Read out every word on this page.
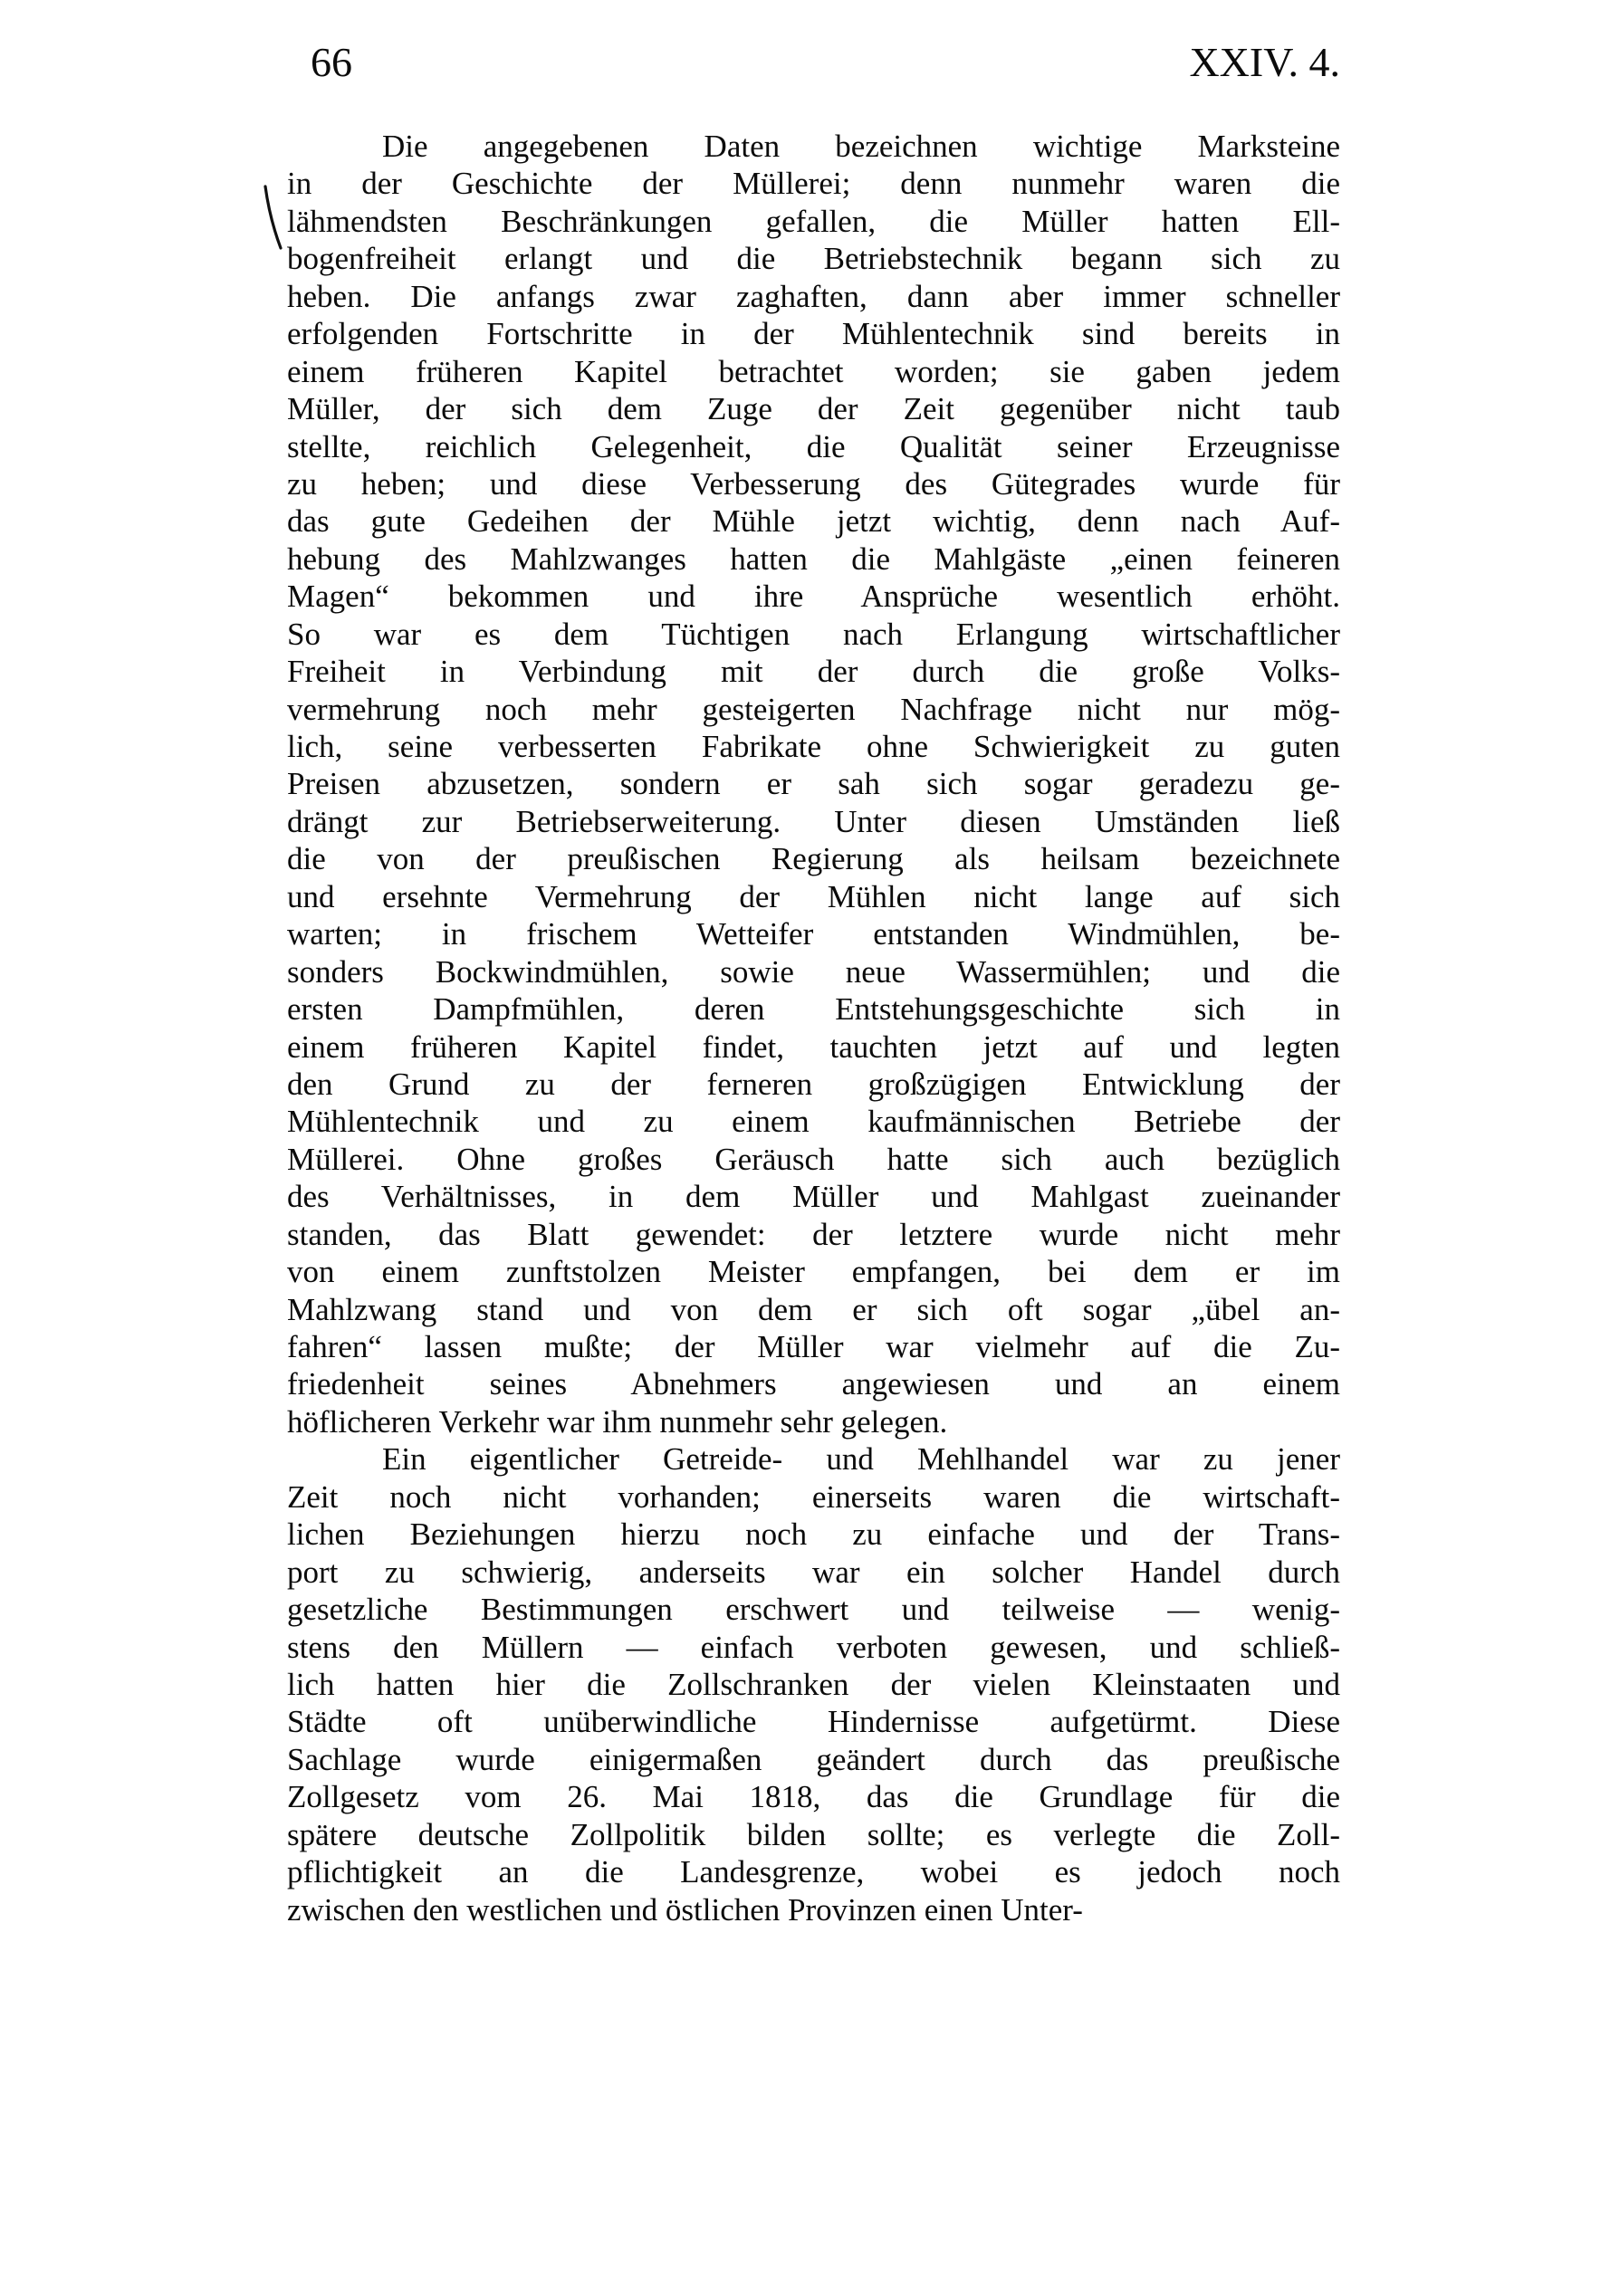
66	XXIV. 4.
Die angegebenen Daten bezeichnen wichtige Marksteine
in der Geschichte der Müllerei; denn nunmehr waren die
lähmendsten Beschränkungen gefallen, die Müller hatten Ell-
bogenfreiheit erlangt und die Betriebstechnik begann sich zu
heben. Die anfangs zwar zaghaften, dann aber immer schneller
erfolgenden Fortschritte in der Mühlentechnik sind bereits in
einem früheren Kapitel betrachtet worden; sie gaben jedem
Müller, der sich dem Zuge der Zeit gegenüber nicht taub
stellte, reichlich Gelegenheit, die Qualität seiner Erzeugnisse
zu heben; und diese Verbesserung des Gütegrades wurde für
das gute Gedeihen der Mühle jetzt wichtig, denn nach Auf-
hebung des Mahlzwanges hatten die Mahlgäste „einen feineren
Magen“ bekommen und ihre Ansprüche wesentlich erhöht.
So war es dem Tüchtigen nach Erlangung wirtschaftlicher
Freiheit in Verbindung mit der durch die große Volks-
vermehrung noch mehr gesteigerten Nachfrage nicht nur mög-
lich, seine verbesserten Fabrikate ohne Schwierigkeit zu guten
Preisen abzusetzen, sondern er sah sich sogar geradezu ge-
drängt zur Betriebserweiterung. Unter diesen Umständen ließ
die von der preußischen Regierung als heilsam bezeichnete
und ersehnte Vermehrung der Mühlen nicht lange auf sich
warten; in frischem Wetteifer entstanden Windmühlen, be-
sonders Bockwindmühlen, sowie neue Wassermühlen; und die
ersten Dampfmühlen, deren Entstehungsgeschichte sich in
einem früheren Kapitel findet, tauchten jetzt auf und legten
den Grund zu der ferneren großzügigen Entwicklung der
Mühlentechnik und zu einem kaufmännischen Betriebe der
Müllerei. Ohne großes Geräusch hatte sich auch bezüglich
des Verhältnisses, in dem Müller und Mahlgast zueinander
standen, das Blatt gewendet: der letztere wurde nicht mehr
von einem zunftstolzen Meister empfangen, bei dem er im
Mahlzwang stand und von dem er sich oft sogar „übel an-
fahren“ lassen mußte; der Müller war vielmehr auf die Zu-
friedenheit seines Abnehmers angewiesen und an einem
höflicheren Verkehr war ihm nunmehr sehr gelegen.
Ein eigentlicher Getreide- und Mehlhandel war zu jener
Zeit noch nicht vorhanden; einerseits waren die wirtschaft-
lichen Beziehungen hierzu noch zu einfache und der Trans-
port zu schwierig, anderseits war ein solcher Handel durch
gesetzliche Bestimmungen erschwert und teilweise — wenig-
stens den Müllern — einfach verboten gewesen, und schließ-
lich hatten hier die Zollschranken der vielen Kleinstaaten und
Städte oft unüberwindliche Hindernisse aufgetürmt. Diese
Sachlage wurde einigermaßen geändert durch das preußische
Zollgesetz vom 26. Mai 1818, das die Grundlage für die
spätere deutsche Zollpolitik bilden sollte; es verlegte die Zoll-
pflichtigkeit an die Landesgrenze, wobei es jedoch noch
zwischen den westlichen und östlichen Provinzen einen Unter-
